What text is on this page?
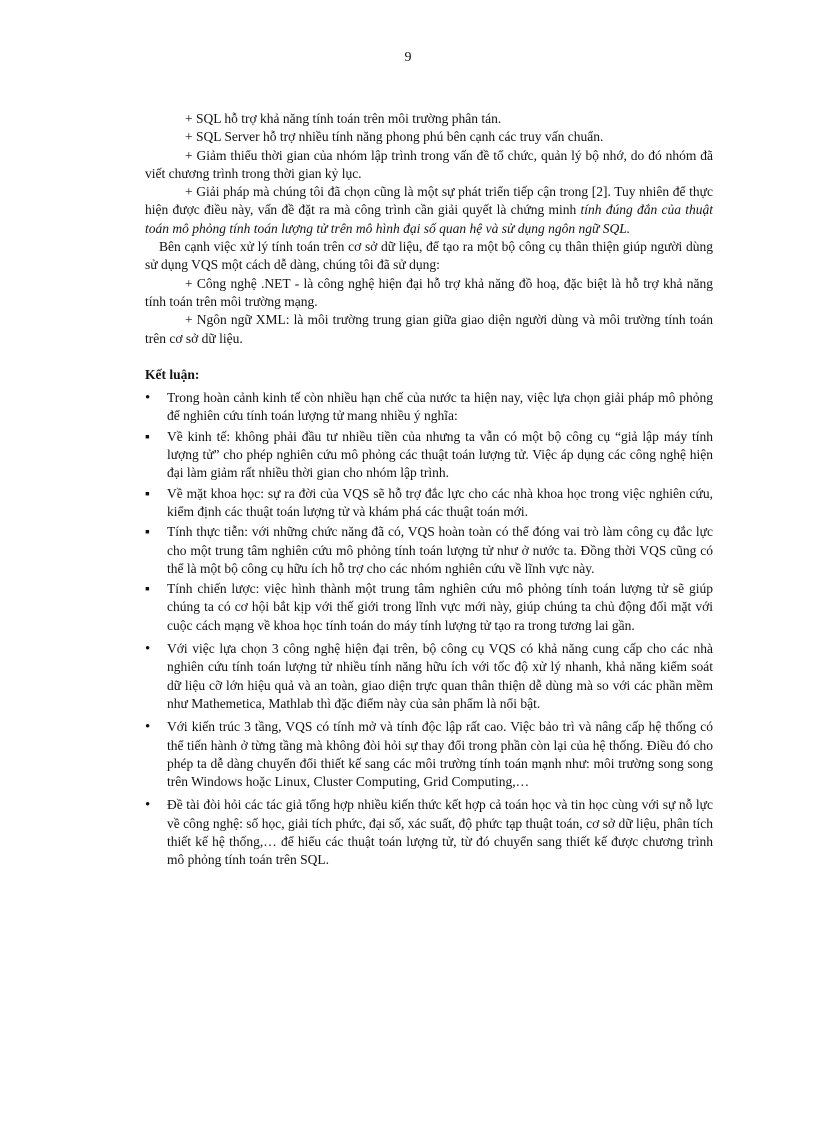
9

+ SQL hỗ trợ khả năng tính toán trên môi trường phân tán.

+ SQL Server hỗ trợ nhiều tính năng phong phú bên cạnh các truy vấn chuẩn.

+ Giảm thiểu thời gian của nhóm lập trình trong vấn đề tổ chức, quản lý bộ nhớ, do đó nhóm đã viết chương trình trong thời gian kỷ lục.

+ Giải pháp mà chúng tôi đã chọn cũng là một sự phát triển tiếp cận trong [2]. Tuy nhiên để thực hiện được điều này, vấn đề đặt ra mà công trình cần giải quyết là chứng minh tính đúng đắn của thuật toán mô phỏng tính toán lượng tử trên mô hình đại số quan hệ và sử dụng ngôn ngữ SQL.

Bên cạnh việc xử lý tính toán trên cơ sở dữ liệu, để tạo ra một bộ công cụ thân thiện giúp người dùng sử dụng VQS một cách dễ dàng, chúng tôi đã sử dụng:

+ Công nghệ .NET - là công nghệ hiện đại hỗ trợ khả năng đồ hoạ, đặc biệt là hỗ trợ khả năng tính toán trên môi trường mạng.

+ Ngôn ngữ XML: là môi trường trung gian giữa giao diện người dùng và môi trường tính toán trên cơ sở dữ liệu.

Kết luận:

•
Trong hoàn cảnh kinh tế còn nhiều hạn chế của nước ta hiện nay, việc lựa chọn giải pháp mô phỏng để nghiên cứu tính toán lượng tử mang nhiều ý nghĩa:
▪
Về kinh tế: không phải đầu tư nhiều tiền của nhưng ta vẫn có một bộ công cụ “giả lập máy tính lượng tử” cho phép nghiên cứu mô phỏng các thuật toán lượng tử. Việc áp dụng các công nghệ hiện đại làm giảm rất nhiều thời gian cho nhóm lập trình.
▪
Về mặt khoa học: sự ra đời của VQS sẽ hỗ trợ đắc lực cho các nhà khoa học trong việc nghiên cứu, kiểm định các thuật toán lượng tử và khám phá các thuật toán mới.
▪
Tính thực tiễn: với những chức năng đã có, VQS hoàn toàn có thể đóng vai trò làm công cụ đắc lực cho một trung tâm nghiên cứu mô phỏng tính toán lượng tử như ở nước ta. Đồng thời VQS cũng có thể là một bộ công cụ hữu ích hỗ trợ cho các nhóm nghiên cứu về lĩnh vực này.
▪
Tính chiến lược: việc hình thành một trung tâm nghiên cứu mô phỏng tính toán lượng tử sẽ giúp chúng ta có cơ hội bắt kịp với thế giới trong lĩnh vực mới này, giúp chúng ta chủ động đối mặt với cuộc cách mạng về khoa học tính toán do máy tính lượng tử tạo ra trong tương lai gần.
•
Với việc lựa chọn 3 công nghệ hiện đại trên, bộ công cụ VQS có khả năng cung cấp cho các nhà nghiên cứu tính toán lượng tử nhiều tính năng hữu ích với tốc độ xử lý nhanh, khả năng kiểm soát dữ liệu cỡ lớn hiệu quả và an toàn, giao diện trực quan thân thiện dễ dùng mà so với các phần mềm như Mathemetica, Mathlab thì đặc điểm này của sản phẩm là nổi bật.
•
Với kiến trúc 3 tầng, VQS có tính mở và tính độc lập rất cao. Việc bảo trì và nâng cấp hệ thống có thể tiến hành ở từng tầng mà không đòi hỏi sự thay đổi trong phần còn lại của hệ thống. Điều đó cho phép ta dễ dàng chuyển đổi thiết kế sang các môi trường tính toán mạnh như: môi trường song song trên Windows hoặc Linux, Cluster Computing, Grid Computing,…
•
Đề tài đòi hỏi các tác giả tổng hợp nhiều kiến thức kết hợp cả toán học và tin học cùng với sự nỗ lực về công nghệ: số học, giải tích phức, đại số, xác suất, độ phức tạp thuật toán, cơ sở dữ liệu, phân tích thiết kế hệ thống,… để hiểu các thuật toán lượng tử, từ đó chuyển sang thiết kế được chương trình mô phỏng tính toán trên SQL.
